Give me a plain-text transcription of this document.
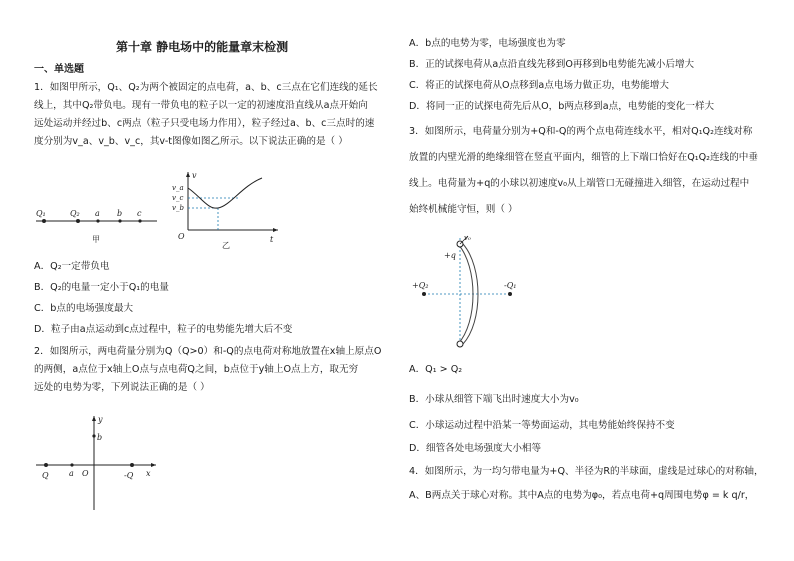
第十章 静电场中的能量章末检测
一、单选题
1．如图甲所示，Q₁、Q₂为两个被固定的点电荷，a、b、c三点在它们连线的延长
线上，其中Q₂带负电。现有一带负电的粒子以一定的初速度沿直线从a点开始向
远处运动并经过b、c两点（粒子只受电场力作用），粒子经过a、b、c三点时的速
度分别为v_a、v_b、v_c，其v-t图像如图乙所示。以下说法正确的是（ ）
Q₁	Q₂ a b c
甲
v
t
O
v_a
v_c
v_b
乙
A．Q₂一定带负电
B．Q₂的电量一定小于Q₁的电量
C．b点的电场强度最大
D．粒子由a点运动到c点过程中，粒子的电势能先增大后不变
2．如图所示，两电荷量分别为Q（Q>0）和-Q的点电荷对称地放置在x轴上原点O
的两侧，a点位于x轴上O点与点电荷Q之间，b点位于y轴上O点上方，取无穷
远处的电势为零，下列说法正确的是（ ）
Q	a O	-Q x
y
b
A．b点的电势为零，电场强度也为零
B．正的试探电荷从a点沿直线先移到O再移到b电势能先减小后增大
C．将正的试探电荷从O点移到a点电场力做正功，电势能增大
D．将同一正的试探电荷先后从O，b两点移到a点，电势能的变化一样大
3．如图所示，电荷量分别为+Q和-Q的两个点电荷连线水平，相对Q₁Q₂连线对称
放置的内壁光滑的绝缘细管在竖直平面内，细管的上下端口恰好在Q₁Q₂连线的中垂
线上。电荷量为+q的小球以初速度v₀从上端管口无碰撞进入细管，在运动过程中
始终机械能守恒，则（ ）
v₀
+q
+Q₂	-Q₁
A．Q₁ > Q₂
B．小球从细管下端飞出时速度大小为v₀
C．小球运动过程中沿某一等势面运动，其电势能始终保持不变
D．细管各处电场强度大小相等
4．如图所示，为一均匀带电量为+Q、半径为R的半球面，虚线是过球心的对称轴，
A、B两点关于球心对称。其中A点的电势为φ₀，若点电荷+q周围电势φ = k q/r，
